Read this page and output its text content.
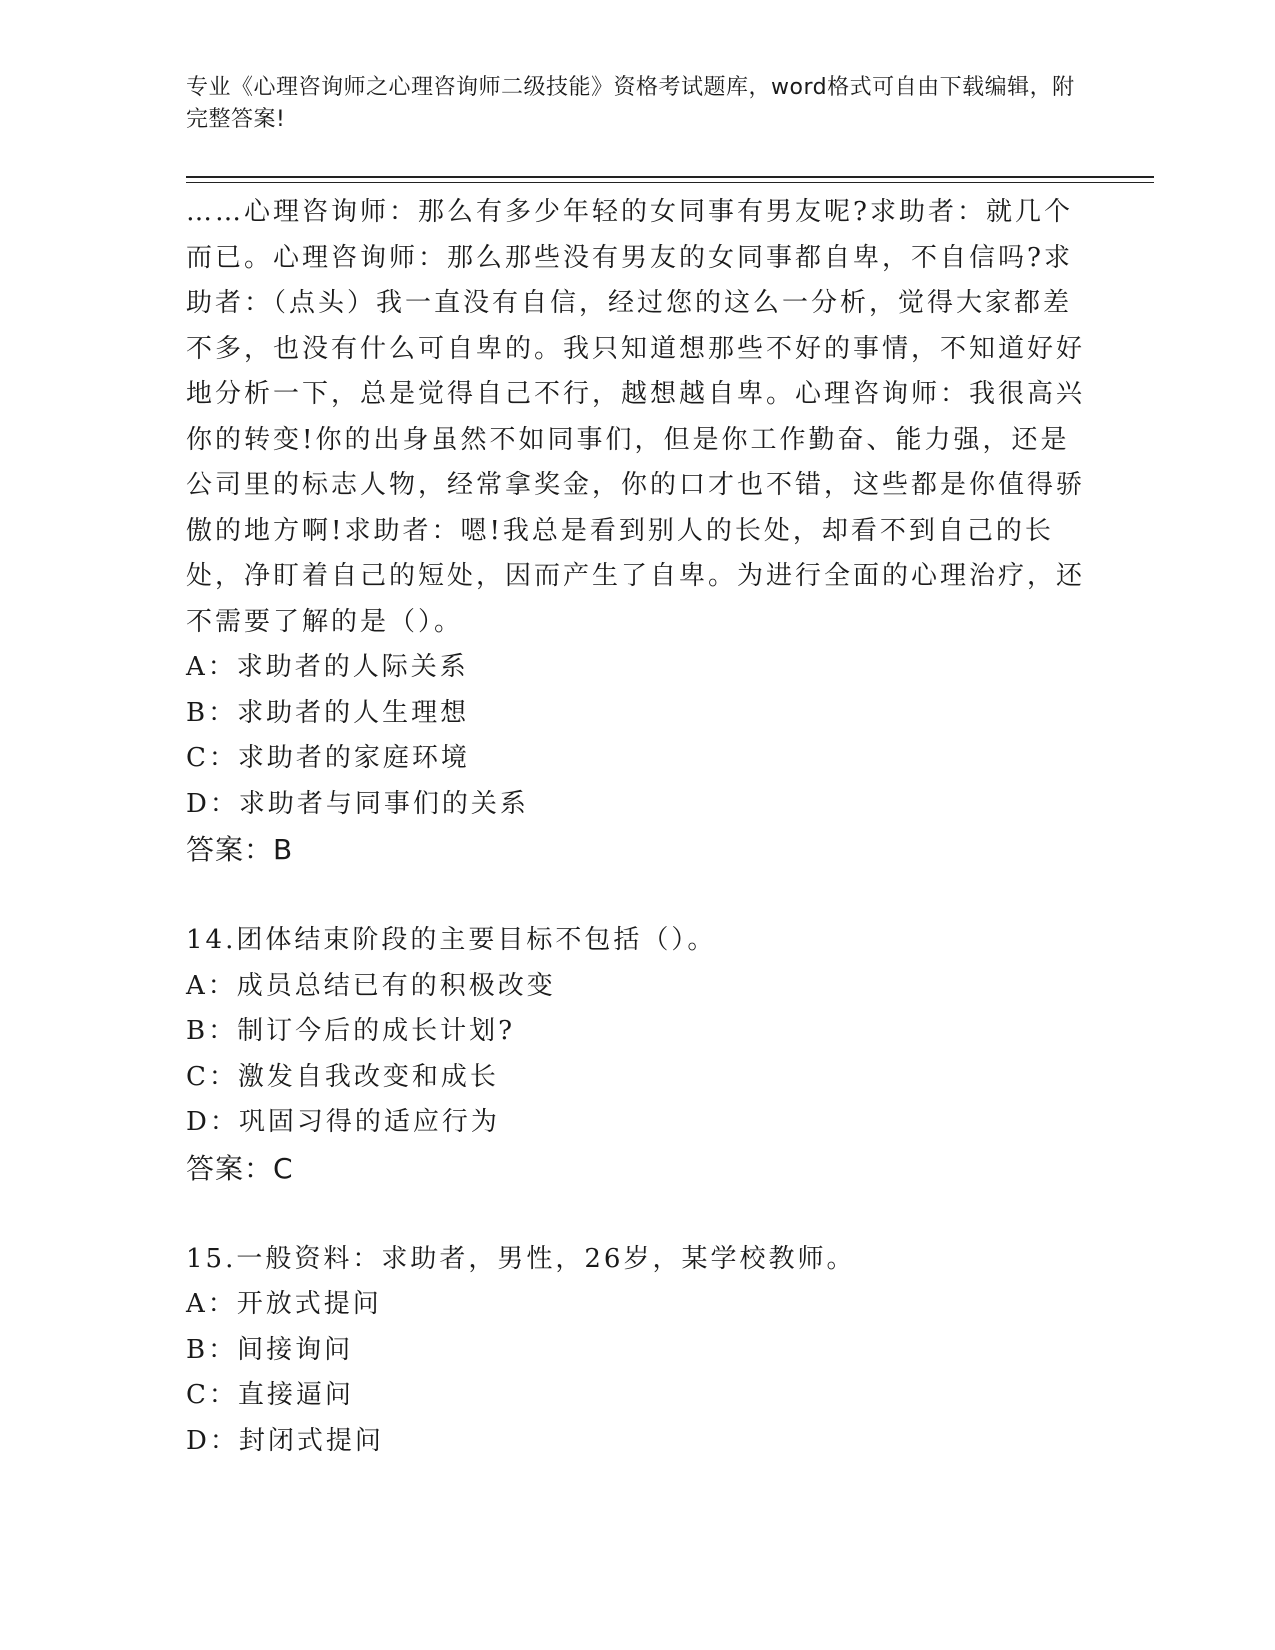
专业《心理咨询师之心理咨询师二级技能》资格考试题库，word格式可自由下载编辑，附完整答案!

……心理咨询师：那么有多少年轻的女同事有男友呢?求助者：就几个而已。心理咨询师：那么那些没有男友的女同事都自卑，不自信吗?求助者：（点头）我一直没有自信，经过您的这么一分析，觉得大家都差不多，也没有什么可自卑的。我只知道想那些不好的事情，不知道好好地分析一下，总是觉得自己不行，越想越自卑。心理咨询师：我很高兴你的转变!你的出身虽然不如同事们，但是你工作勤奋、能力强，还是公司里的标志人物，经常拿奖金，你的口才也不错，这些都是你值得骄傲的地方啊!求助者：嗯!我总是看到别人的长处，却看不到自己的长处，净盯着自己的短处，因而产生了自卑。为进行全面的心理治疗，还不需要了解的是（）。

A：求助者的人际关系

B：求助者的人生理想

C：求助者的家庭环境

D：求助者与同事们的关系

答案：B

14.团体结束阶段的主要目标不包括（）。

A：成员总结已有的积极改变

B：制订今后的成长计划?

C：激发自我改变和成长

D：巩固习得的适应行为

答案：C

15.一般资料：求助者，男性，26岁，某学校教师。

A：开放式提问

B：间接询问

C：直接逼问

D：封闭式提问
